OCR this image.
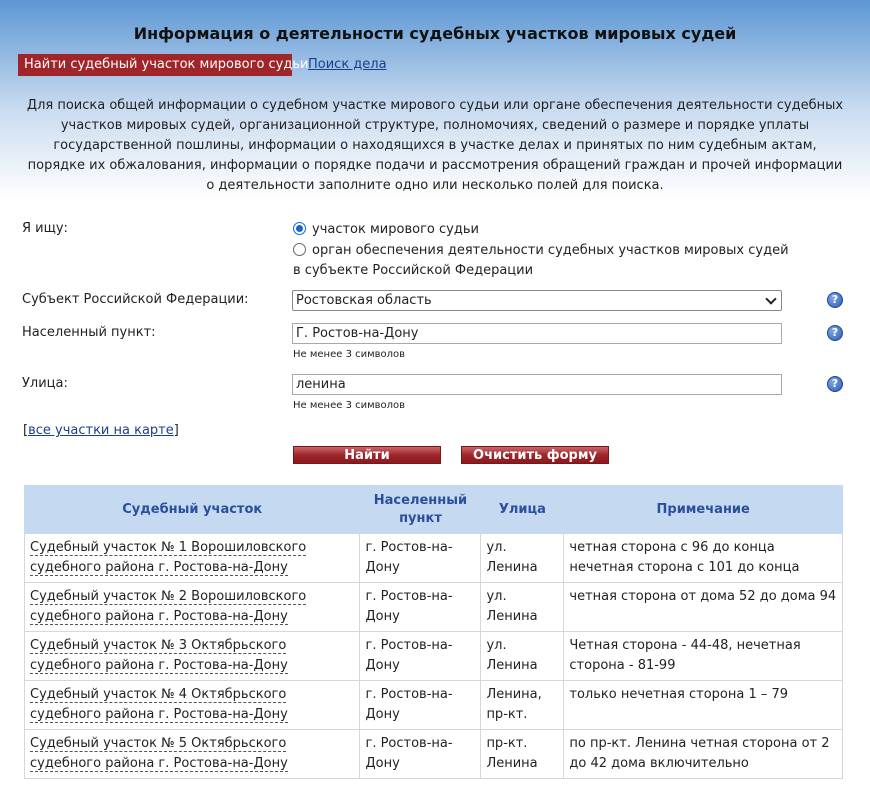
Информация о деятельности судебных участков мировых судей
Найти судебный участок мирового судьи Поиск дела
Для поиска общей информации о судебном участке мирового судьи или органе обеспечения деятельности судебных участков мировых судей, организационной структуре, полномочиях, сведений о размере и порядке уплаты государственной пошлины, информации о находящихся в участке делах и принятых по ним судебным актам, порядке их обжалования, информации о порядке подачи и рассмотрения обращений граждан и прочей информации о деятельности заполните одно или несколько полей для поиска.
Я ищу:	участок мирового судьи
орган обеспечения деятельности судебных участков мировых судей в субъекте Российской Федерации
Субъект Российской Федерации:	Ростовская область	?
Населенный пункт:	Г. Ростов-на-Дону
Не менее 3 символов
?
Улица:	ленина
Не менее 3 символов
?
[все участки на карте]
Найти	Очистить форму
Судебный участок	Населенный пункт	Улица	Примечание
Судебный участок № 1 Ворошиловского судебного района г. Ростова-на-Дону	г. Ростов-на-Дону	ул. Ленина	четная сторона с 96 до конца нечетная сторона с 101 до конца
Судебный участок № 2 Ворошиловского судебного района г. Ростова-на-Дону	г. Ростов-на-Дону	ул. Ленина	четная сторона от дома 52 до дома 94
Судебный участок № 3 Октябрьского судебного района г. Ростова-на-Дону	г. Ростов-на-Дону	ул. Ленина	Четная сторона - 44-48, нечетная сторона - 81-99
Судебный участок № 4 Октябрьского судебного района г. Ростова-на-Дону	г. Ростов-на-Дону	Ленина, пр-кт.	только нечетная сторона 1 – 79
Судебный участок № 5 Октябрьского судебного района г. Ростова-на-Дону	г. Ростов-на-Дону	пр-кт. Ленина	по пр-кт. Ленина четная сторона от 2 до 42 дома включительно
